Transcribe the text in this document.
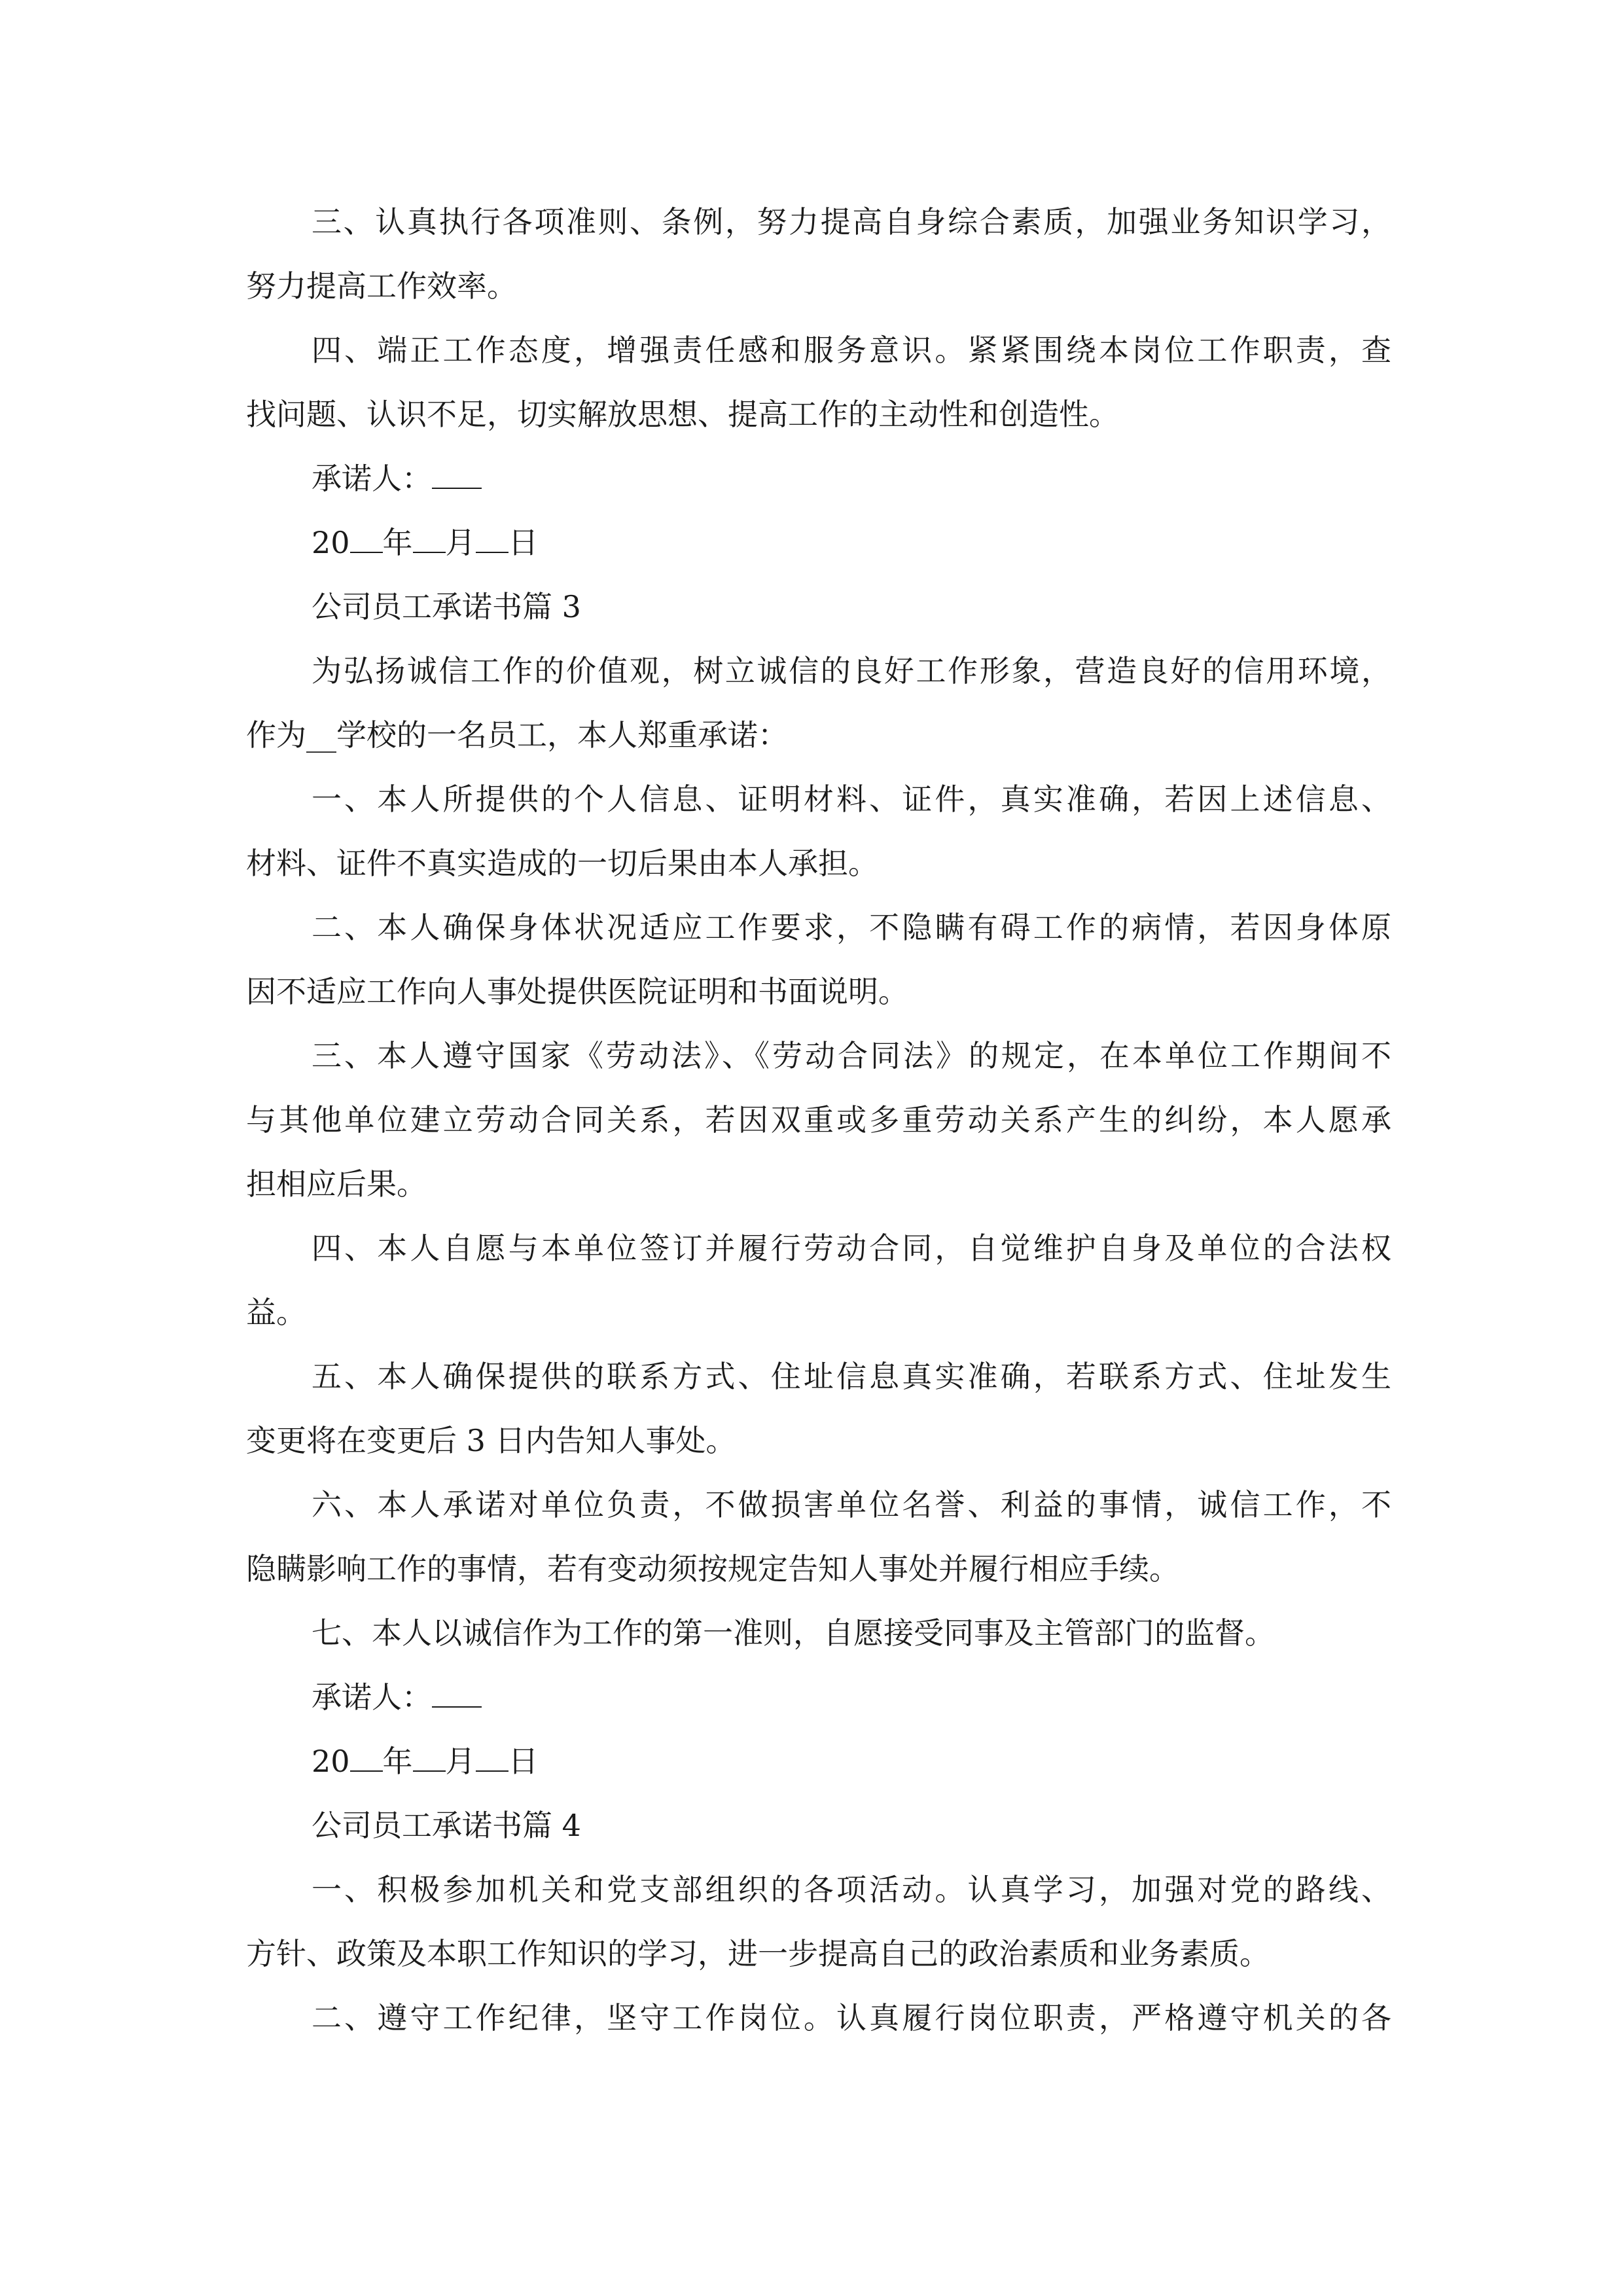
三、认真执行各项准则、条例，努力提高自身综合素质，加强业务知识学习，

努力提高工作效率。

四、端正工作态度，增强责任感和服务意识。紧紧围绕本岗位工作职责，查

找问题、认识不足，切实解放思想、提高工作的主动性和创造性。

承诺人：
20 年 月 日

公司员工承诺书篇 3

为弘扬诚信工作的价值观，树立诚信的良好工作形象，营造良好的信用环境，

作为__学校的一名员工，本人郑重承诺：

一、本人所提供的个人信息、证明材料、证件，真实准确，若因上述信息、

材料、证件不真实造成的一切后果由本人承担。

二、本人确保身体状况适应工作要求，不隐瞒有碍工作的病情，若因身体原

因不适应工作向人事处提供医院证明和书面说明。

三、本人遵守国家《劳动法》、《劳动合同法》的规定，在本单位工作期间不

与其他单位建立劳动合同关系，若因双重或多重劳动关系产生的纠纷，本人愿承

担相应后果。

四、本人自愿与本单位签订并履行劳动合同，自觉维护自身及单位的合法权

益。

五、本人确保提供的联系方式、住址信息真实准确，若联系方式、住址发生

变更将在变更后 3 日内告知人事处。

六、本人承诺对单位负责，不做损害单位名誉、利益的事情，诚信工作，不

隐瞒影响工作的事情，若有变动须按规定告知人事处并履行相应手续。

七、本人以诚信作为工作的第一准则，自愿接受同事及主管部门的监督。

承诺人：
20 年 月 日

公司员工承诺书篇 4

一、积极参加机关和党支部组织的各项活动。认真学习，加强对党的路线、

方针、政策及本职工作知识的学习，进一步提高自己的政治素质和业务素质。

二、遵守工作纪律，坚守工作岗位。认真履行岗位职责，严格遵守机关的各
